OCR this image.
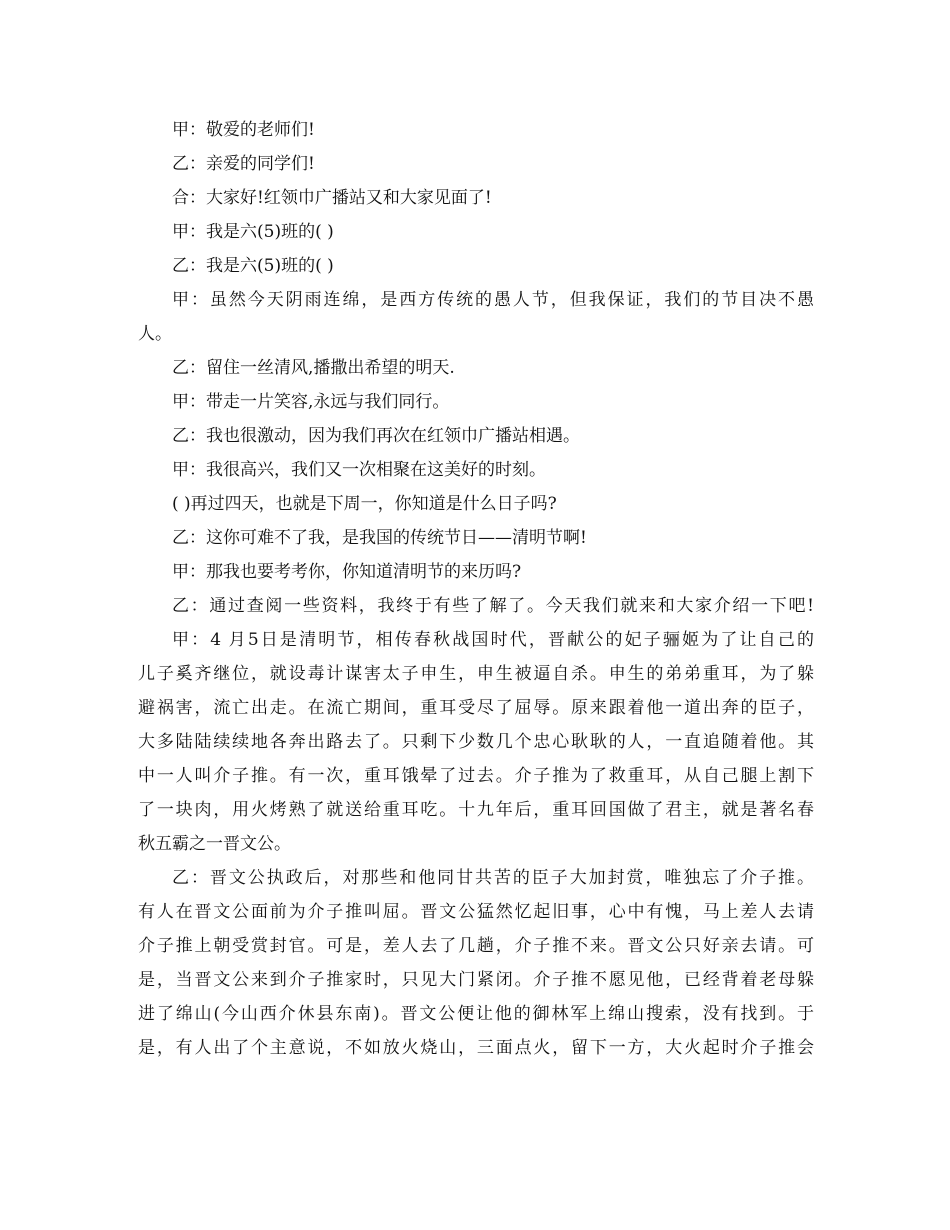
甲：敬爱的老师们!
乙：亲爱的同学们!
合：大家好!红领巾广播站又和大家见面了!
甲：我是六(5)班的( )
乙：我是六(5)班的( )
甲：虽然今天阴雨连绵，是西方传统的愚人节，但我保证，我们的节目决不愚
人。
乙：留住一丝清风,播撒出希望的明天.
甲：带走一片笑容,永远与我们同行。
乙：我也很激动，因为我们再次在红领巾广播站相遇。
甲：我很高兴，我们又一次相聚在这美好的时刻。
( )再过四天，也就是下周一，你知道是什么日子吗?
乙：这你可难不了我，是我国的传统节日——清明节啊!
甲：那我也要考考你，你知道清明节的来历吗?
乙：通过查阅一些资料，我终于有些了解了。今天我们就来和大家介绍一下吧!
甲：4 月5日是清明节，相传春秋战国时代，晋献公的妃子骊姬为了让自己的
儿子奚齐继位，就设毒计谋害太子申生，申生被逼自杀。申生的弟弟重耳，为了躲
避祸害，流亡出走。在流亡期间，重耳受尽了屈辱。原来跟着他一道出奔的臣子，
大多陆陆续续地各奔出路去了。只剩下少数几个忠心耿耿的人，一直追随着他。其
中一人叫介子推。有一次，重耳饿晕了过去。介子推为了救重耳，从自己腿上割下
了一块肉，用火烤熟了就送给重耳吃。十九年后，重耳回国做了君主，就是著名春
秋五霸之一晋文公。
乙：晋文公执政后，对那些和他同甘共苦的臣子大加封赏，唯独忘了介子推。
有人在晋文公面前为介子推叫屈。晋文公猛然忆起旧事，心中有愧，马上差人去请
介子推上朝受赏封官。可是，差人去了几趟，介子推不来。晋文公只好亲去请。可
是，当晋文公来到介子推家时，只见大门紧闭。介子推不愿见他，已经背着老母躲
进了绵山(今山西介休县东南)。晋文公便让他的御林军上绵山搜索，没有找到。于
是，有人出了个主意说，不如放火烧山，三面点火，留下一方，大火起时介子推会
